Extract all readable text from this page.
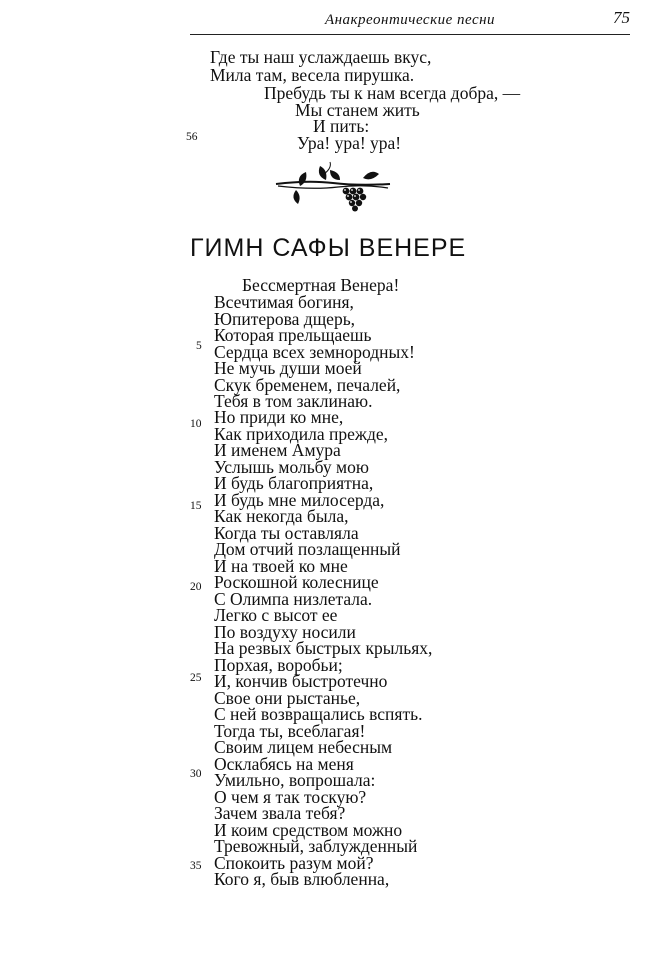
Анакреонтические песни	75
Где ты наш услаждаешь вкус,
Мила там, весела пирушка.
Пребудь ты к нам всегда добра, —
Мы станем жить
И пить:
Ура! ура! ура!
56
ГИМН САФЫ ВЕНЕРЕ
Бессмертная Венера!
Всечтимая богиня,
Юпитерова дщерь,
Которая прельщаешь
Сердца всех земнородных!
Не мучь души моей
Скук бременем, печалей,
Тебя в том заклинаю.
Но приди ко мне,
Как приходила прежде,
И именем Амура
Услышь мольбу мою
И будь благоприятна,
И будь мне милосерда,
Как некогда была,
Когда ты оставляла
Дом отчий позлащенный
И на твоей ко мне
Роскошной колеснице
С Олимпа низлетала.
Легко с высот ее
По воздуху носили
На резвых быстрых крыльях,
Порхая, воробьи;
И, кончив быстротечно
Свое они рыстанье,
С ней возвращались вспять.
Тогда ты, всеблагая!
Своим лицем небесным
Осклабясь на меня
Умильно, вопрошала:
О чем я так тоскую?
Зачем звала тебя?
И коим средством можно
Тревожный, заблужденный
Спокоить разум мой?
Кого я, быв влюбленна,
5
10
15
20
25
30
35
